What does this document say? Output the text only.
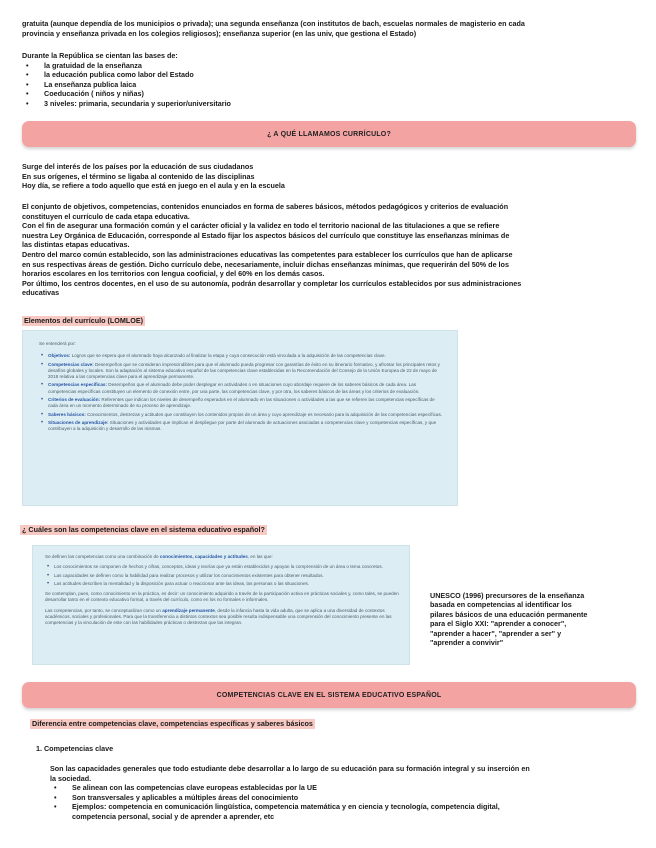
gratuita (aunque dependía de los municipios o privada); una segunda enseñanza (con institutos de bach, escuelas normales de magisterio en cada
provincia y enseñanza privada en los colegios religiosos); enseñanza superior (en las univ, que gestiona el Estado)
Durante la República se cientan las bases de:
• la gratuidad de la enseñanza
• la educación publica como labor del Estado
• La enseñanza publica laica
• Coeducación ( niños y niñas)
• 3 niveles: primaria, secundaria y superior/universitario
¿ A QUÉ LLAMAMOS CURRÍCULO?
Surge del interés de los países por la educación de sus ciudadanos
En sus orígenes, el término se ligaba al contenido de las disciplinas
Hoy día, se refiere a todo aquello que está en juego en el aula y en la escuela
El conjunto de objetivos, competencias, contenidos enunciados en forma de saberes básicos, métodos pedagógicos y criterios de evaluación
constituyen el currículo de cada etapa educativa.
Con el fin de asegurar una formación común y el carácter oficial y la validez en todo el territorio nacional de las titulaciones a que se refiere
nuestra Ley Orgánica de Educación, corresponde al Estado fijar los aspectos básicos del currículo que constituye las enseñanzas mínimas de
las distintas etapas educativas.
Dentro del marco común establecido, son las administraciones educativas las competentes para establecer los currículos que han de aplicarse
en sus respectivas áreas de gestión. Dicho currículo debe, necesariamente, incluir dichas enseñanzas mínimas, que requerirán del 50% de los
horarios escolares en los territorios con lengua cooficial, y del 60% en los demás casos.
Por último, los centros docentes, en el uso de su autonomía, podrán desarrollar y completar los currículos establecidos por sus administraciones
educativas
Elementos del currículo (LOMLOE)
Se entenderá por:
• Objetivos: Logros que se espera que el alumnado haya alcanzado al finalizar la etapa y cuya consecución está vinculada a la adquisición de las competencias clave.
• Competencias clave: Desempeños que se consideran imprescindibles para que el alumnado pueda progresar con garantías de éxito en su itinerario formativo, y afrontar los principales retos y desafíos globales y locales. Son la adaptación al sistema educativo español de las competencias clave establecidas en la Recomendación del Consejo de la Unión Europea de 22 de mayo de 2018 relativa a las competencias clave para el aprendizaje permanente.
• Competencias específicas: Desempeños que el alumnado debe poder desplegar en actividades o en situaciones cuyo abordaje requiere de los saberes básicos de cada área. Las competencias específicas constituyen un elemento de conexión entre, por una parte, las competencias clave, y por otra, los saberes básicos de las áreas y los criterios de evaluación.
• Criterios de evaluación: Referentes que indican los niveles de desempeño esperados en el alumnado en las situaciones o actividades a las que se refieren las competencias específicas de cada área en un momento determinado de su proceso de aprendizaje.
• Saberes básicos: Conocimientos, destrezas y actitudes que constituyen los contenidos propios de un área y cuyo aprendizaje es necesario para la adquisición de las competencias específicas.
• Situaciones de aprendizaje: Situaciones y actividades que implican el despliegue por parte del alumnado de actuaciones asociadas a competencias clave y competencias específicas, y que contribuyen a la adquisición y desarrollo de las mismas.
¿ Cuáles son las competencias clave en el sistema educativo español?
Se definen las competencias como una combinación de conocimientos, capacidades y actitudes, en las que:
• Los conocimientos se componen de hechos y cifras, conceptos, ideas y teorías que ya están establecidos y apoyan la comprensión de un área o tema concretos.
• Las capacidades se definen como la habilidad para realizar procesos y utilizar los conocimientos existentes para obtener resultados.
• Las actitudes describen la mentalidad y la disposición para actuar o reaccionar ante las ideas, las personas o las situaciones.
Se contemplan, pues, como conocimiento en la práctica, es decir: un conocimiento adquirido a través de la participación activa en prácticas sociales y, como tales, se pueden desarrollar tanto en el contexto educativo formal, a través del currículo, como en los no formales e informales.
Las competencias, por tanto, se conceptualizan como un aprendizaje permanente, desde la infancia hasta la vida adulta, que se aplica a una diversidad de contextos académicos, sociales y profesionales. Para que la transferencia a distintos contextos sea posible resulta indispensable una comprensión del conocimiento presente en las competencias y la vinculación de este con las habilidades prácticas o destrezas que las integran.
UNESCO (1996) precursores de la enseñanza
basada en competencias al identificar los
pilares básicos de una educación permanente
para el Siglo XXI: "aprender a conocer",
"aprender a hacer", "aprender a ser" y
"aprender a convivir"
COMPETENCIAS CLAVE EN EL SISTEMA EDUCATIVO ESPAÑOL
Diferencia entre competencias clave, competencias específicas y saberes básicos
1. Competencias clave
Son las capacidades generales que todo estudiante debe desarrollar a lo largo de su educación para su formación integral y su inserción en
la sociedad.
• Se alinean con las competencias clave europeas establecidas por la UE
• Son transversales y aplicables a múltiples áreas del conocimiento
• Ejemplos: competencia en comunicación lingüística, competencia matemática y en ciencia y tecnología, competencia digital,
competencia personal, social y de aprender a aprender, etc
